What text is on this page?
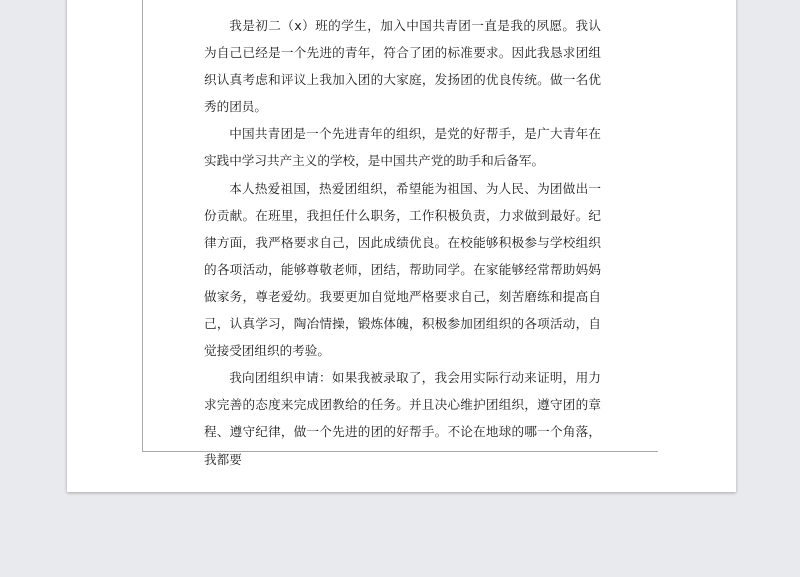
我是初二（x）班的学生，加入中国共青团一直是我的夙愿。我认为自己已经是一个先进的青年，符合了团的标准要求。因此我恳求团组织认真考虑和评议上我加入团的大家庭，发扬团的优良传统。做一名优秀的团员。

中国共青团是一个先进青年的组织，是党的好帮手，是广大青年在实践中学习共产主义的学校，是中国共产党的助手和后备军。

本人热爱祖国，热爱团组织，希望能为祖国、为人民、为团做出一份贡献。在班里，我担任什么职务，工作积极负责，力求做到最好。纪律方面，我严格要求自己，因此成绩优良。在校能够积极参与学校组织的各项活动，能够尊敬老师，团结，帮助同学。在家能够经常帮助妈妈做家务，尊老爱幼。我要更加自觉地严格要求自己，刻苦磨练和提高自己，认真学习，陶冶情操，锻炼体魄，积极参加团组织的各项活动，自觉接受团组织的考验。

我向团组织申请：如果我被录取了，我会用实际行动来证明，用力求完善的态度来完成团教给的任务。并且决心维护团组织，遵守团的章程、遵守纪律，做一个先进的团的好帮手。不论在地球的哪一个角落，我都要
